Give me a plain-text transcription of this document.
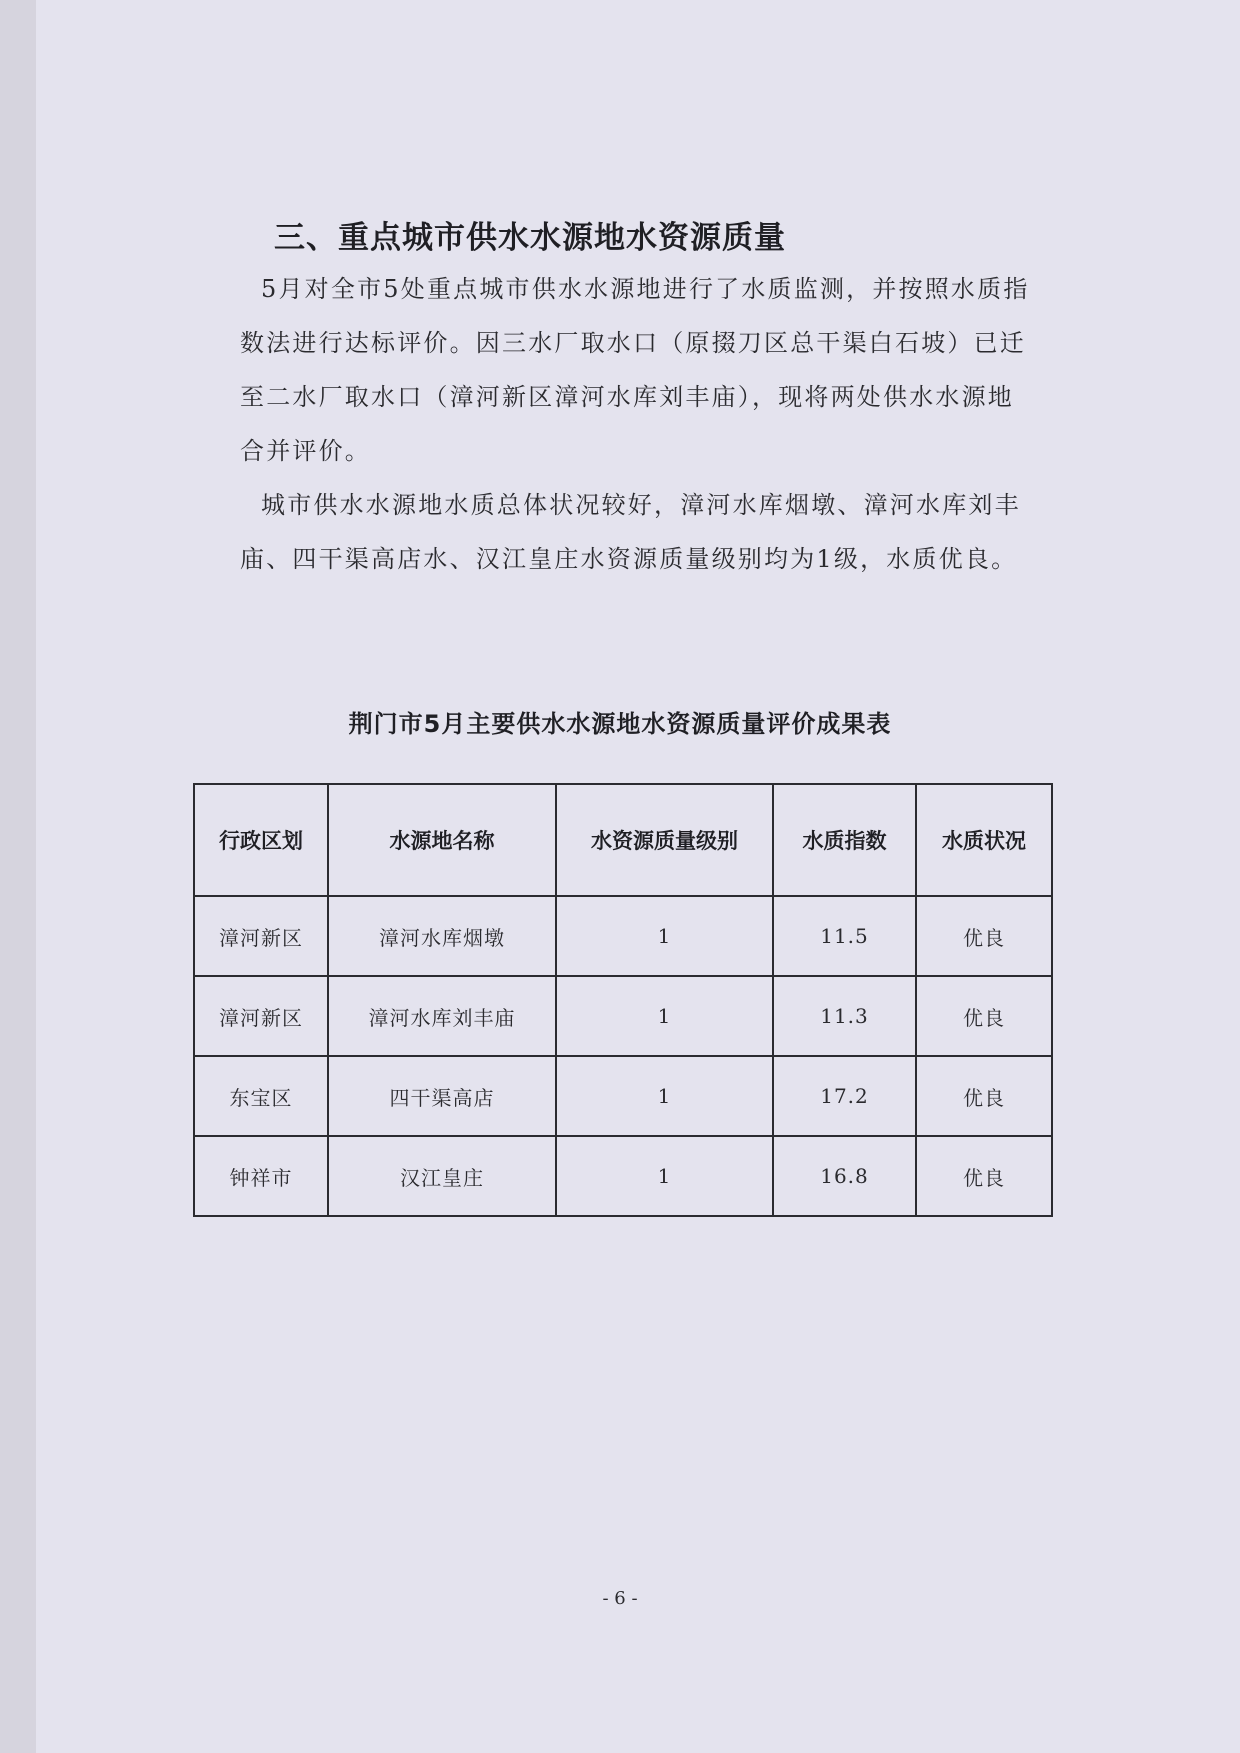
三、重点城市供水水源地水资源质量
5月对全市5处重点城市供水水源地进行了水质监测，并按照水质指数法进行达标评价。因三水厂取水口（原掇刀区总干渠白石坡）已迁至二水厂取水口（漳河新区漳河水库刘丰庙），现将两处供水水源地合并评价。
城市供水水源地水质总体状况较好，漳河水库烟墩、漳河水库刘丰庙、四干渠高店水、汉江皇庄水资源质量级别均为1级，水质优良。
荆门市5月主要供水水源地水资源质量评价成果表
行政区划	水源地名称	水资源质量级别	水质指数	水质状况
漳河新区	漳河水库烟墩	1	11.5	优良
漳河新区	漳河水库刘丰庙	1	11.3	优良
东宝区	四干渠高店	1	17.2	优良
钟祥市	汉江皇庄	1	16.8	优良
- 6 -
